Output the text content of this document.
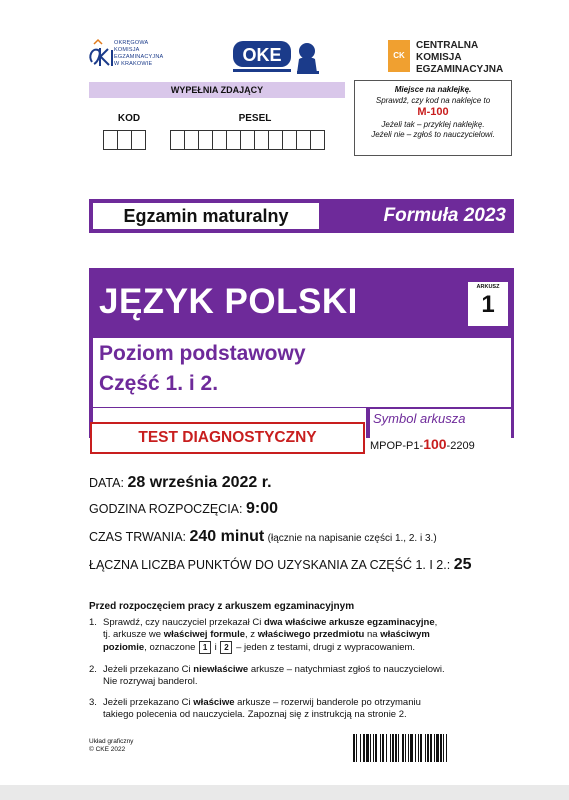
OKRĘGOWA
KOMISJA
EGZAMINACYJNA
W KRAKOWIE	OKE	CK
CENTRALNA
KOMISJA
EGZAMINACYJNA
WYPEŁNIA ZDAJĄCY
KOD	PESEL
Miejsce na naklejkę.
Sprawdź, czy kod na naklejce to
M-100
Jeżeli tak – przyklej naklejkę.
Jeżeli nie – zgłoś to nauczycielowi.
Egzamin maturalny	Formuła 2023
JĘZYK POLSKI	ARKUSZ
1
Poziom podstawowy
Część 1. i 2.
TEST DIAGNOSTYCZNY
Symbol arkusza
MPOP-P1-100-2209
DATA: 28 września 2022 r.
GODZINA ROZPOCZĘCIA: 9:00
CZAS TRWANIA: 240 minut (łącznie na napisanie części 1., 2. i 3.)
ŁĄCZNA LICZBA PUNKTÓW DO UZYSKANIA ZA CZĘŚĆ 1. I 2.: 25
Przed rozpoczęciem pracy z arkuszem egzaminacyjnym
1. Sprawdź, czy nauczyciel przekazał Ci dwa właściwe arkusze egzaminacyjne,
tj. arkusze we właściwej formule, z właściwego przedmiotu na właściwym
poziomie, oznaczone 1 i 2 – jeden z testami, drugi z wypracowaniem.
2. Jeżeli przekazano Ci niewłaściwe arkusze – natychmiast zgłoś to nauczycielowi.
Nie rozrywaj banderol.
3. Jeżeli przekazano Ci właściwe arkusze – rozerwij banderole po otrzymaniu
takiego polecenia od nauczyciela. Zapoznaj się z instrukcją na stronie 2.
Układ graficzny
© CKE 2022
